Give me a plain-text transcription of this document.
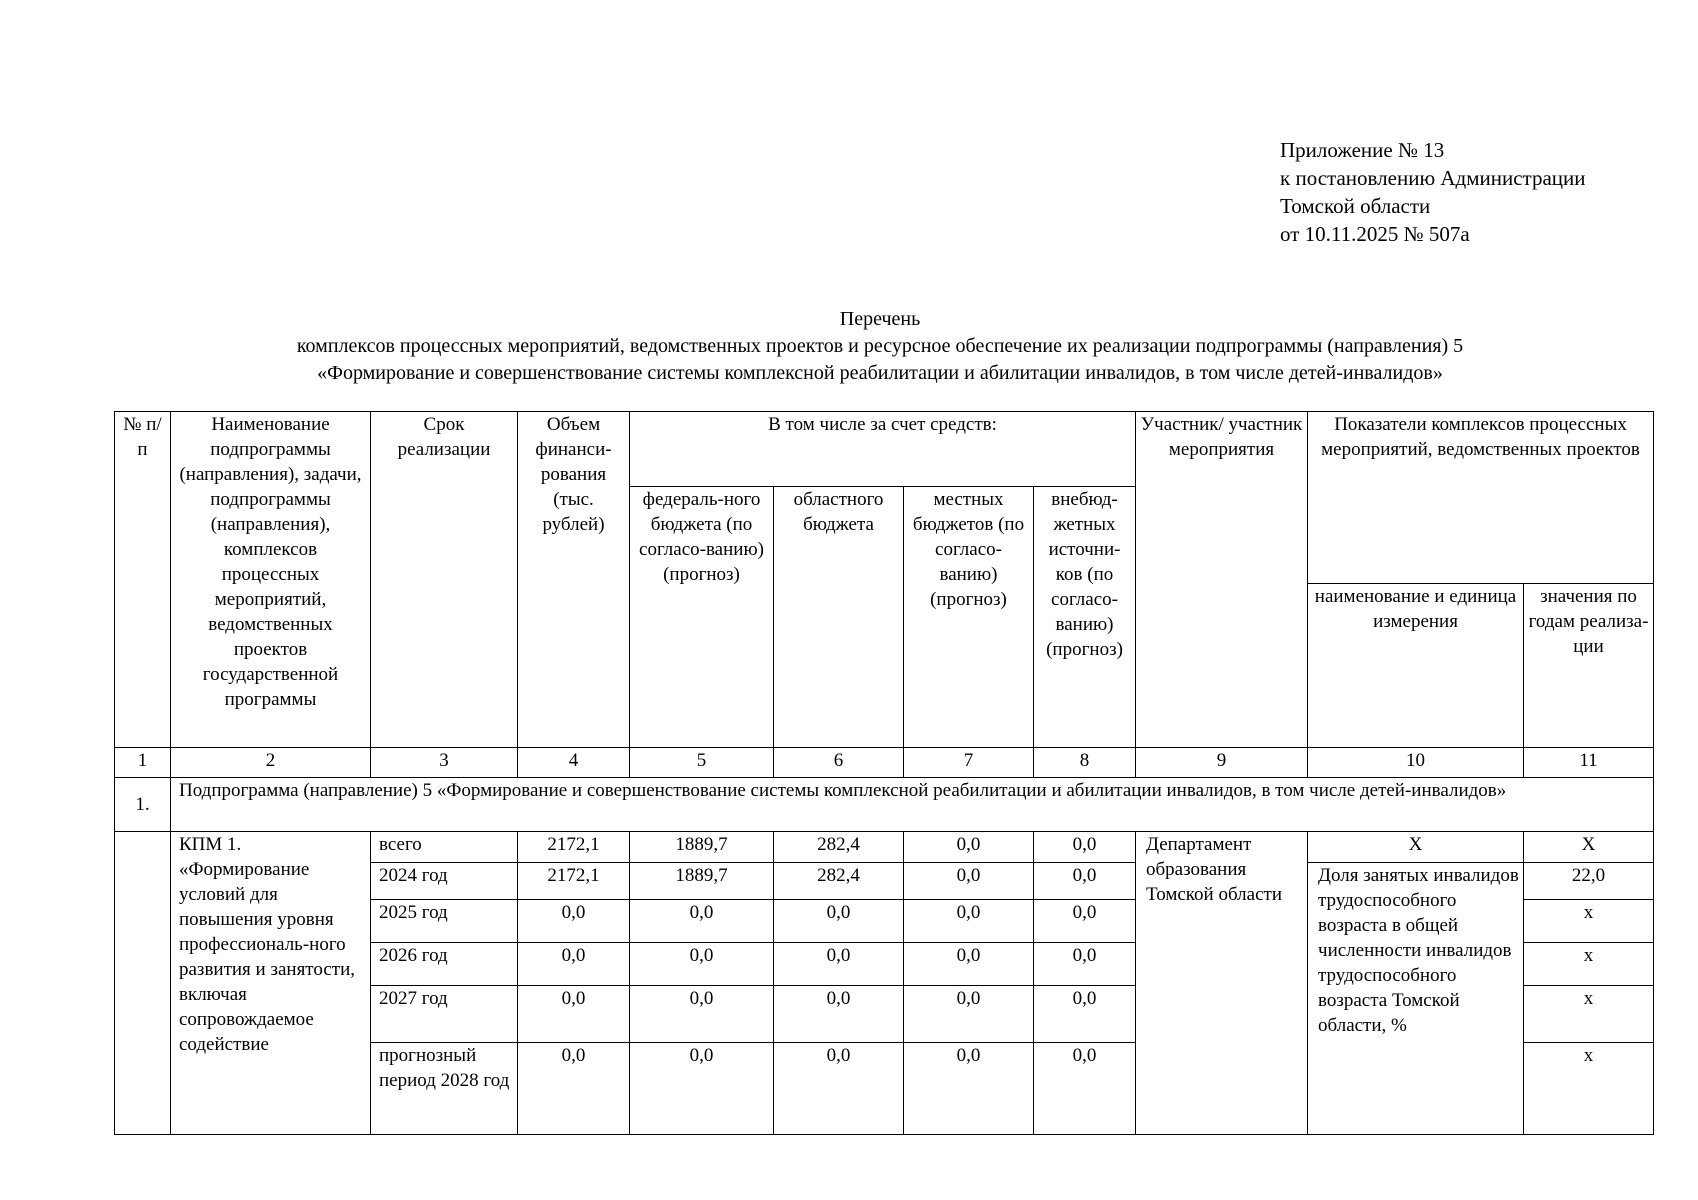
Приложение № 13
к постановлению Администрации
Томской области
от 10.11.2025 № 507а
Перечень
комплексов процессных мероприятий, ведомственных проектов и ресурсное обеспечение их реализации подпрограммы (направления) 5
«Формирование и совершенствование системы комплексной реабилитации и абилитации инвалидов, в том числе детей-инвалидов»
№ п/п	Наименование подпрограммы (направления), задачи, подпрограммы (направления), комплексов процессных мероприятий, ведомственных проектов государственной программы	Срок реализации	Объем финанси-рования (тыс. рублей)	В том числе за счет средств:				Участник/ участник мероприятия	Показатели комплексов процессных мероприятий, ведомственных проектов	
				федераль-ного бюджета (по согласо-ванию) (прогноз)	областного бюджета	местных бюджетов (по согласо-ванию) (прогноз)	внебюд-жетных источни-ков (по согласо-ванию) (прогноз)			
									наименование и единица измерения	значения по годам реализа-ции
1	2	3	4	5	6	7	8	9	10	11
1.	Подпрограмма (направление) 5 «Формирование и совершенствование системы комплексной реабилитации и абилитации инвалидов, в том числе детей-инвалидов»									
	КПМ 1. «Формирование условий для повышения уровня профессиональ-ного развития и занятости, включая сопровождаемое содействие	всего	2172,1	1889,7	282,4	0,0	0,0	Департамент образования Томской области	X	X
		2024 год	2172,1	1889,7	282,4	0,0	0,0		Доля занятых инвалидов трудоспособного возраста в общей численности инвалидов трудоспособного возраста Томской области, %	22,0
		2025 год	0,0	0,0	0,0	0,0	0,0			х
		2026 год	0,0	0,0	0,0	0,0	0,0			х
		2027 год	0,0	0,0	0,0	0,0	0,0			х
		прогнозный период 2028 год	0,0	0,0	0,0	0,0	0,0			х
